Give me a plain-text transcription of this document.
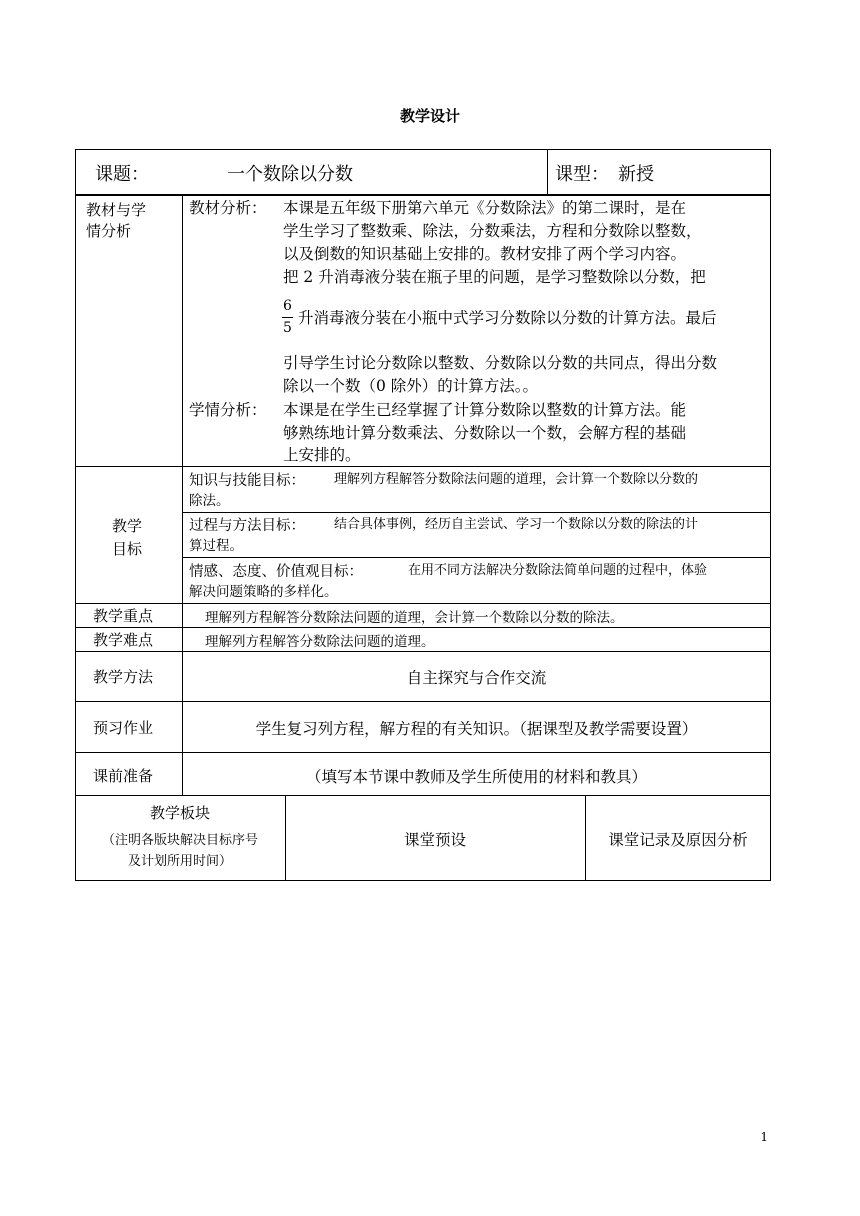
教学设计
课题：	一个数除以分数	课型： 新授
教材与学
情分析
教材分析： 本课是五年级下册第六单元《分数除法》的第二课时，是在
学生学习了整数乘、除法，分数乘法，方程和分数除以整数，
以及倒数的知识基础上安排的。教材安排了两个学习内容。
把 2 升消毒液分装在瓶子里的问题，是学习整数除以分数，把
6
5
升消毒液分装在小瓶中式学习分数除以分数的计算方法。最后
引导学生讨论分数除以整数、分数除以分数的共同点，得出分数
除以一个数（0 除外）的计算方法。。
学情分析： 本课是在学生已经掌握了计算分数除以整数的计算方法。能
够熟练地计算分数乘法、分数除以一个数，会解方程的基础
上安排的。
教学
目标
知识与技能目标： 理解列方程解答分数除法问题的道理，会计算一个数除以分数的
除法。
过程与方法目标： 结合具体事例，经历自主尝试、学习一个数除以分数的除法的计
算过程。
情感、态度、价值观目标：	在用不同方法解决分数除法简单问题的过程中，体验
解决问题策略的多样化。
教学重点	理解列方程解答分数除法问题的道理，会计算一个数除以分数的除法。
教学难点	理解列方程解答分数除法问题的道理。
教学方法	自主探究与合作交流
预习作业	学生复习列方程，解方程的有关知识。（据课型及教学需要设置）
课前准备	（填写本节课中教师及学生所使用的材料和教具）
教学板块
（注明各版块解决目标序号
及计划所用时间）
课堂预设	课堂记录及原因分析
1
